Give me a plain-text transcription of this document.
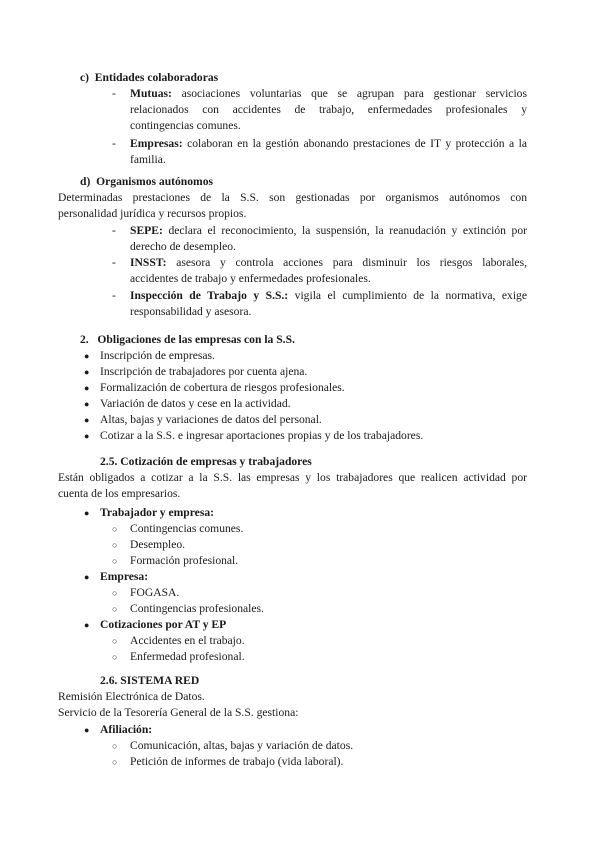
c)  Entidades colaboradoras
- Mutuas: asociaciones voluntarias que se agrupan para gestionar servicios
relacionados con accidentes de trabajo, enfermedades profesionales y
contingencias comunes.
- Empresas: colaboran en la gestión abonando prestaciones de IT y protección a la
familia.
d)  Organismos autónomos
Determinadas prestaciones de la S.S. son gestionadas por organismos autónomos con
personalidad jurídica y recursos propios.
- SEPE: declara el reconocimiento, la suspensión, la reanudación y extinción por
derecho de desempleo.
- INSST: asesora y controla acciones para disminuir los riesgos laborales,
accidentes de trabajo y enfermedades profesionales.
- Inspección de Trabajo y S.S.: vigila el cumplimiento de la normativa, exige
responsabilidad y asesora.
2.   Obligaciones de las empresas con la S.S.
● Inscripción de empresas.
● Inscripción de trabajadores por cuenta ajena.
● Formalización de cobertura de riesgos profesionales.
● Variación de datos y cese en la actividad.
● Altas, bajas y variaciones de datos del personal.
● Cotizar a la S.S. e ingresar aportaciones propias y de los trabajadores.
2.5. Cotización de empresas y trabajadores
Están obligados a cotizar a la S.S. las empresas y los trabajadores que realicen actividad por
cuenta de los empresarios.
● Trabajador y empresa:
○ Contingencias comunes.
○ Desempleo.
○ Formación profesional.
● Empresa:
○ FOGASA.
○ Contingencias profesionales.
● Cotizaciones por AT y EP
○ Accidentes en el trabajo.
○ Enfermedad profesional.
2.6. SISTEMA RED
Remisión Electrónica de Datos.
Servicio de la Tesorería General de la S.S. gestiona:
● Afiliación:
○ Comunicación, altas, bajas y variación de datos.
○ Petición de informes de trabajo (vida laboral).
